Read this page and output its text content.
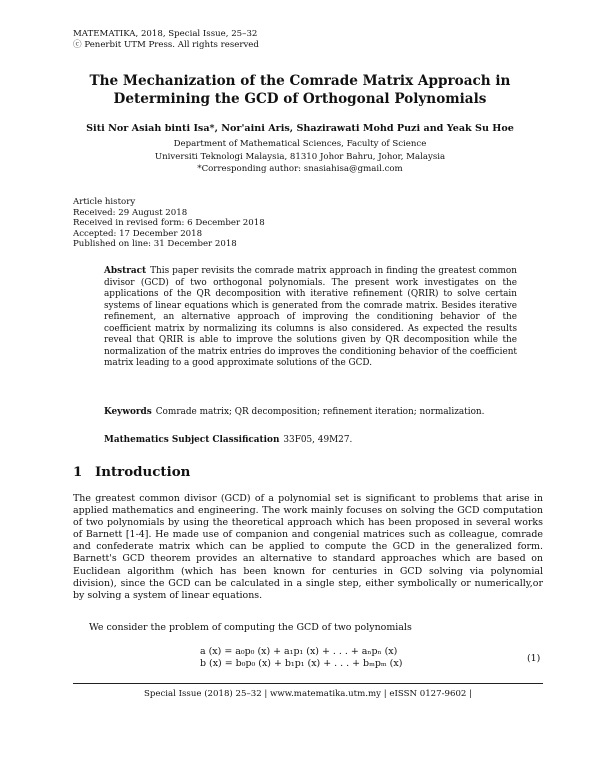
MATEMATIKA, 2018, Special Issue, 25–32
ⓒ Penerbit UTM Press. All rights reserved
The Mechanization of the Comrade Matrix Approach in
Determining the GCD of Orthogonal Polynomials
Siti Nor Asiah binti Isa*, Nor'aini Aris, Shazirawati Mohd Puzi and Yeak Su Hoe
Department of Mathematical Sciences, Faculty of Science
Universiti Teknologi Malaysia, 81310 Johor Bahru, Johor, Malaysia
*Corresponding author: snasiahisa@gmail.com
Article history
Received: 29 August 2018
Received in revised form: 6 December 2018
Accepted: 17 December 2018
Published on line: 31 December 2018

Abstract This paper revisits the comrade matrix approach in finding the greatest common divisor (GCD) of two orthogonal polynomials. The present work investigates on the applications of the QR decomposition with iterative refinement (QRIR) to solve certain systems of linear equations which is generated from the comrade matrix. Besides iterative refinement, an alternative approach of improving the conditioning behavior of the coefficient matrix by normalizing its columns is also considered. As expected the results reveal that QRIR is able to improve the solutions given by QR decomposition while the normalization of the matrix entries do improves the conditioning behavior of the coefficient matrix leading to a good approximate solutions of the GCD.

Keywords Comrade matrix; QR decomposition; refinement iteration; normalization.
Mathematics Subject Classification 33F05, 49M27.
1 Introduction
The greatest common divisor (GCD) of a polynomial set is significant to problems that arise in applied mathematics and engineering. The work mainly focuses on solving the GCD computation of two polynomials by using the theoretical approach which has been proposed in several works of Barnett [1-4]. He made use of companion and congenial matrices such as colleague, comrade and confederate matrix which can be applied to compute the GCD in the generalized form. Barnett's GCD theorem provides an alternative to standard approaches which are based on Euclidean algorithm (which has been known for centuries in GCD solving via polynomial division), since the GCD can be calculated in a single step, either symbolically or numerically,or by solving a system of linear equations.
We consider the problem of computing the GCD of two polynomials
a (x) = a₀p₀ (x) + a₁p₁ (x) + . . . + aₙpₙ (x)
b (x) = b₀p₀ (x) + b₁p₁ (x) + . . . + bₘpₘ (x)	(1)
Special Issue (2018) 25–32 | www.matematika.utm.my | eISSN 0127-9602 |
